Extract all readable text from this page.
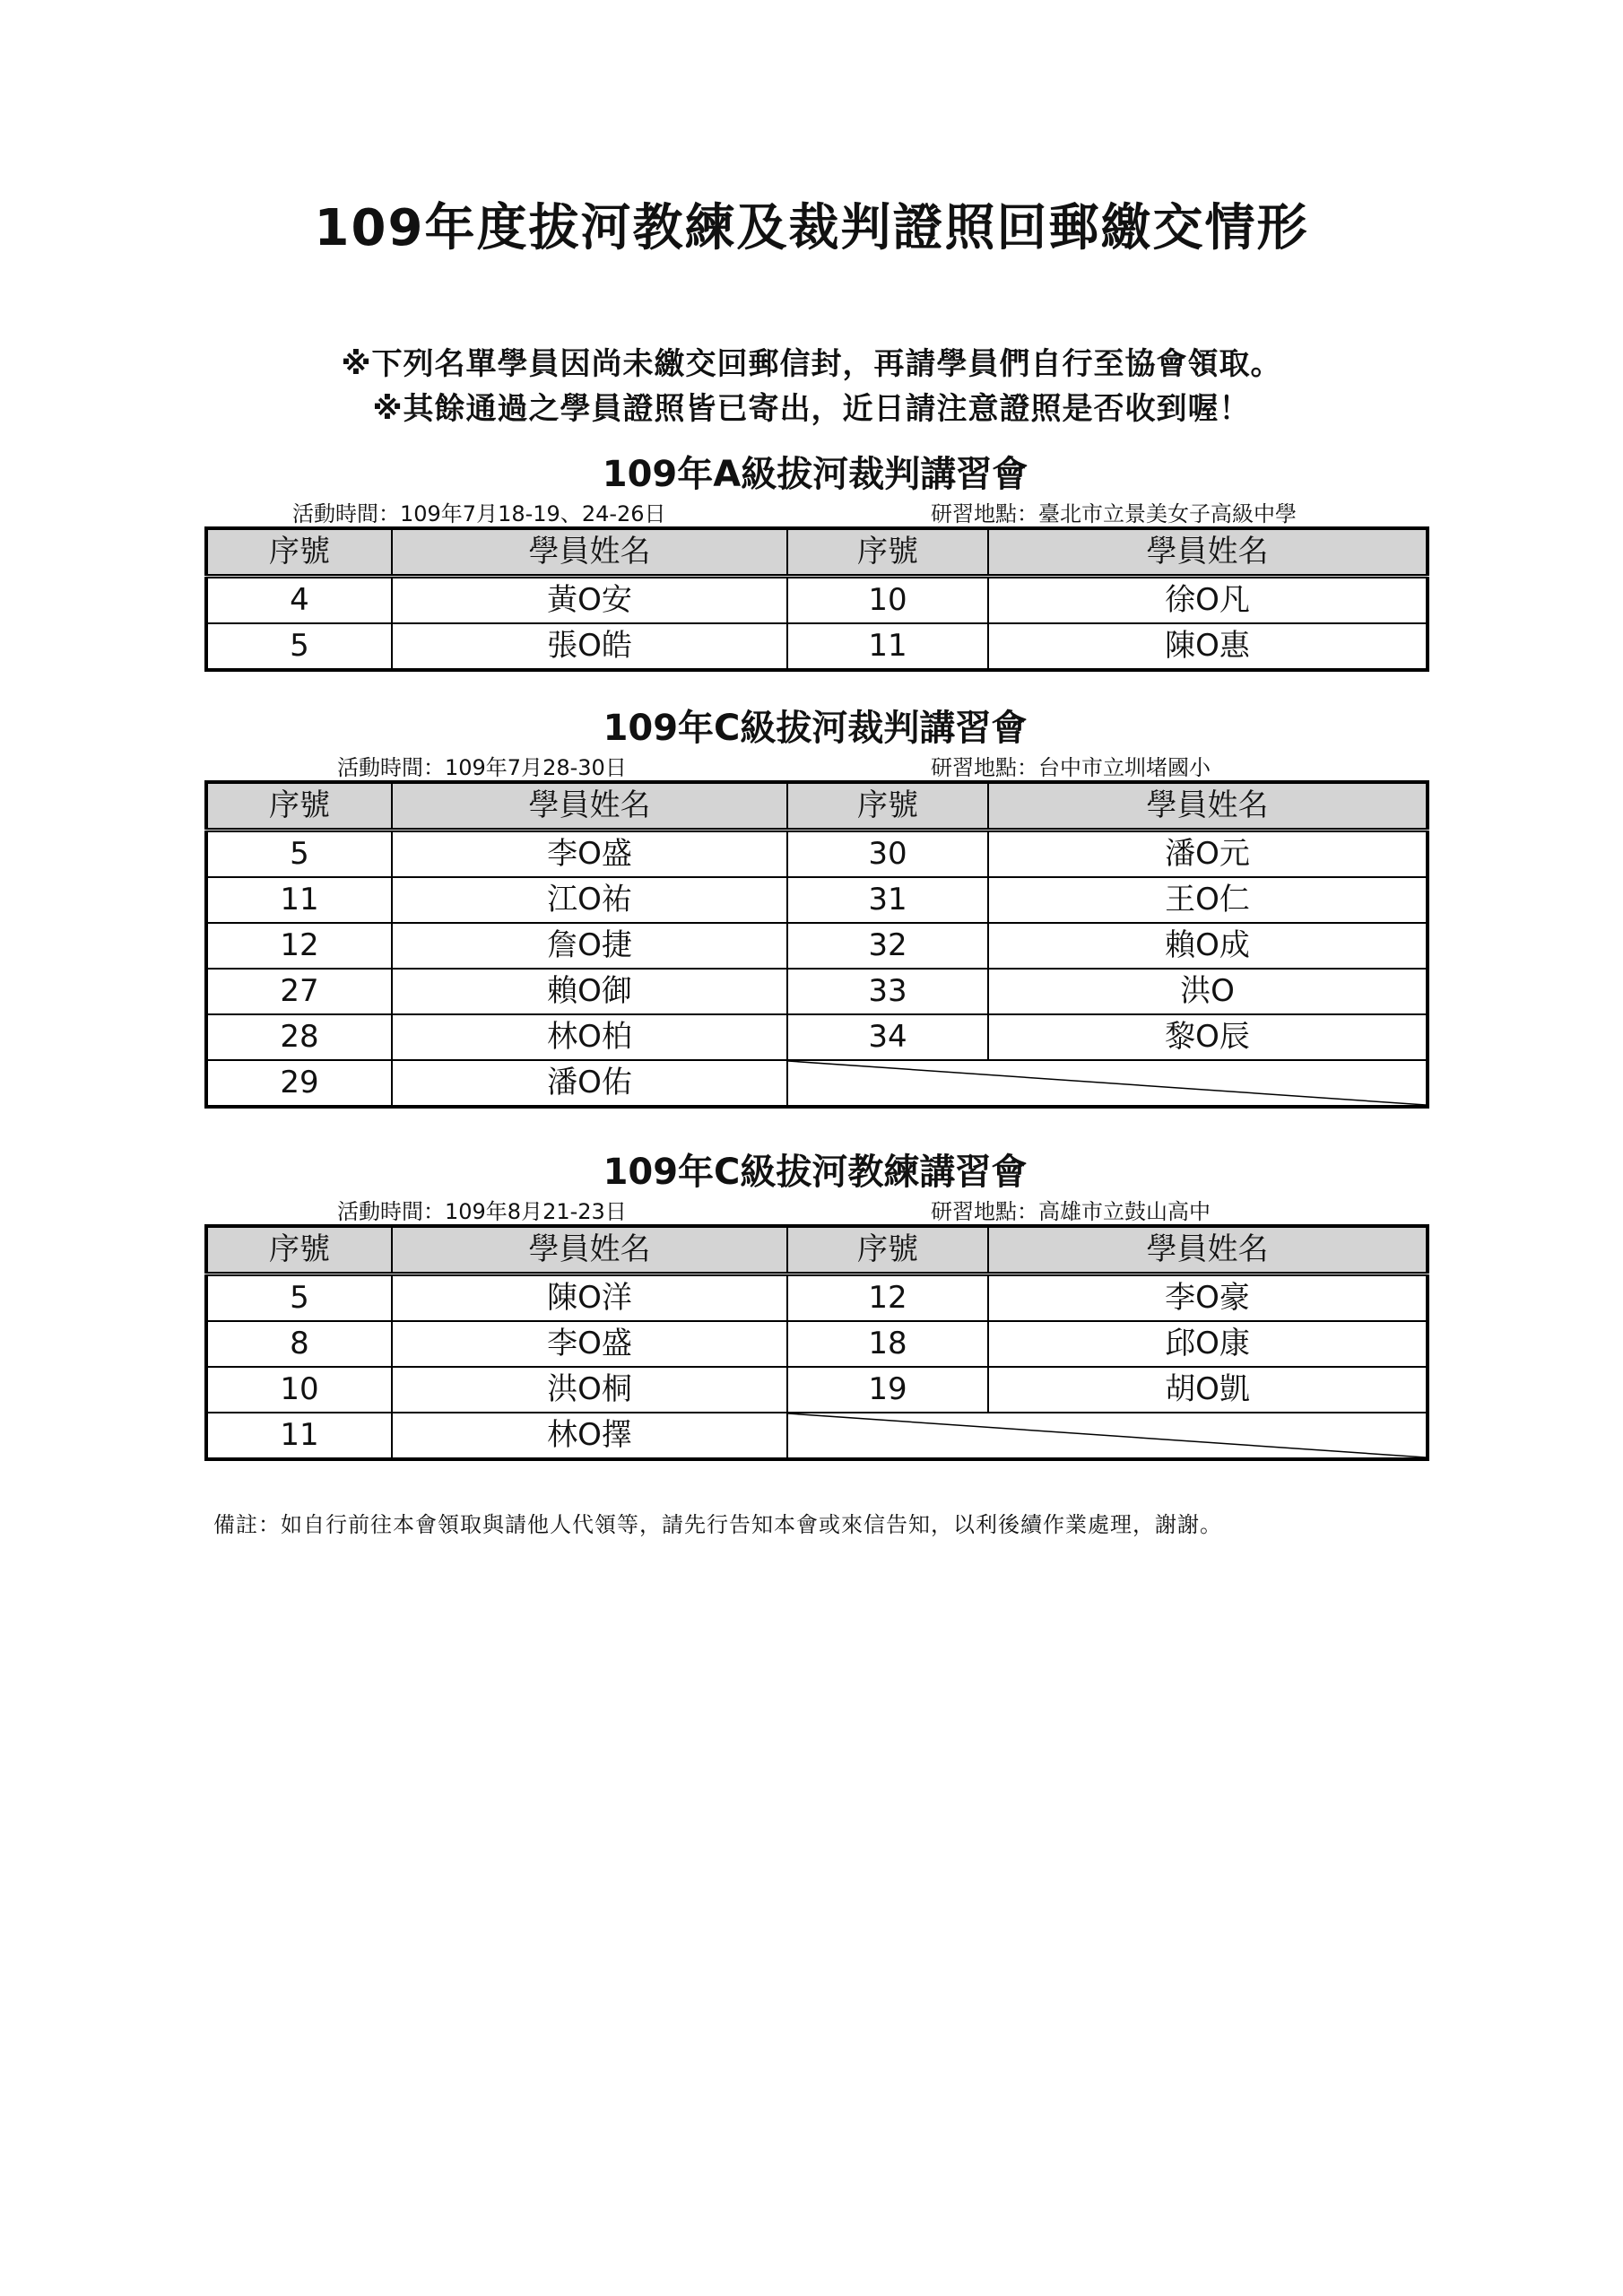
109年度拔河教練及裁判證照回郵繳交情形
※下列名單學員因尚未繳交回郵信封，再請學員們自行至協會領取。
※其餘通過之學員證照皆已寄出，近日請注意證照是否收到喔！
109年A級拔河裁判講習會
活動時間：109年7月18-19、24-26日	研習地點：臺北市立景美女子高級中學
序號	學員姓名	序號	學員姓名
4	黃O安	10	徐O凡
5	張O皓	11	陳O惠
109年C級拔河裁判講習會
活動時間：109年7月28-30日	研習地點：台中市立圳堵國小
序號	學員姓名	序號	學員姓名
5	李O盛	30	潘O元
11	江O祐	31	王O仁
12	詹O捷	32	賴O成
27	賴O御	33	洪O
28	林O柏	34	黎O辰
29	潘O佑	
109年C級拔河教練講習會
活動時間：109年8月21-23日	研習地點：高雄市立鼓山高中
序號	學員姓名	序號	學員姓名
5	陳O洋	12	李O豪
8	李O盛	18	邱O康
10	洪O桐	19	胡O凱
11	林O擇	
備註：如自行前往本會領取與請他人代領等，請先行告知本會或來信告知，以利後續作業處理，謝謝。
